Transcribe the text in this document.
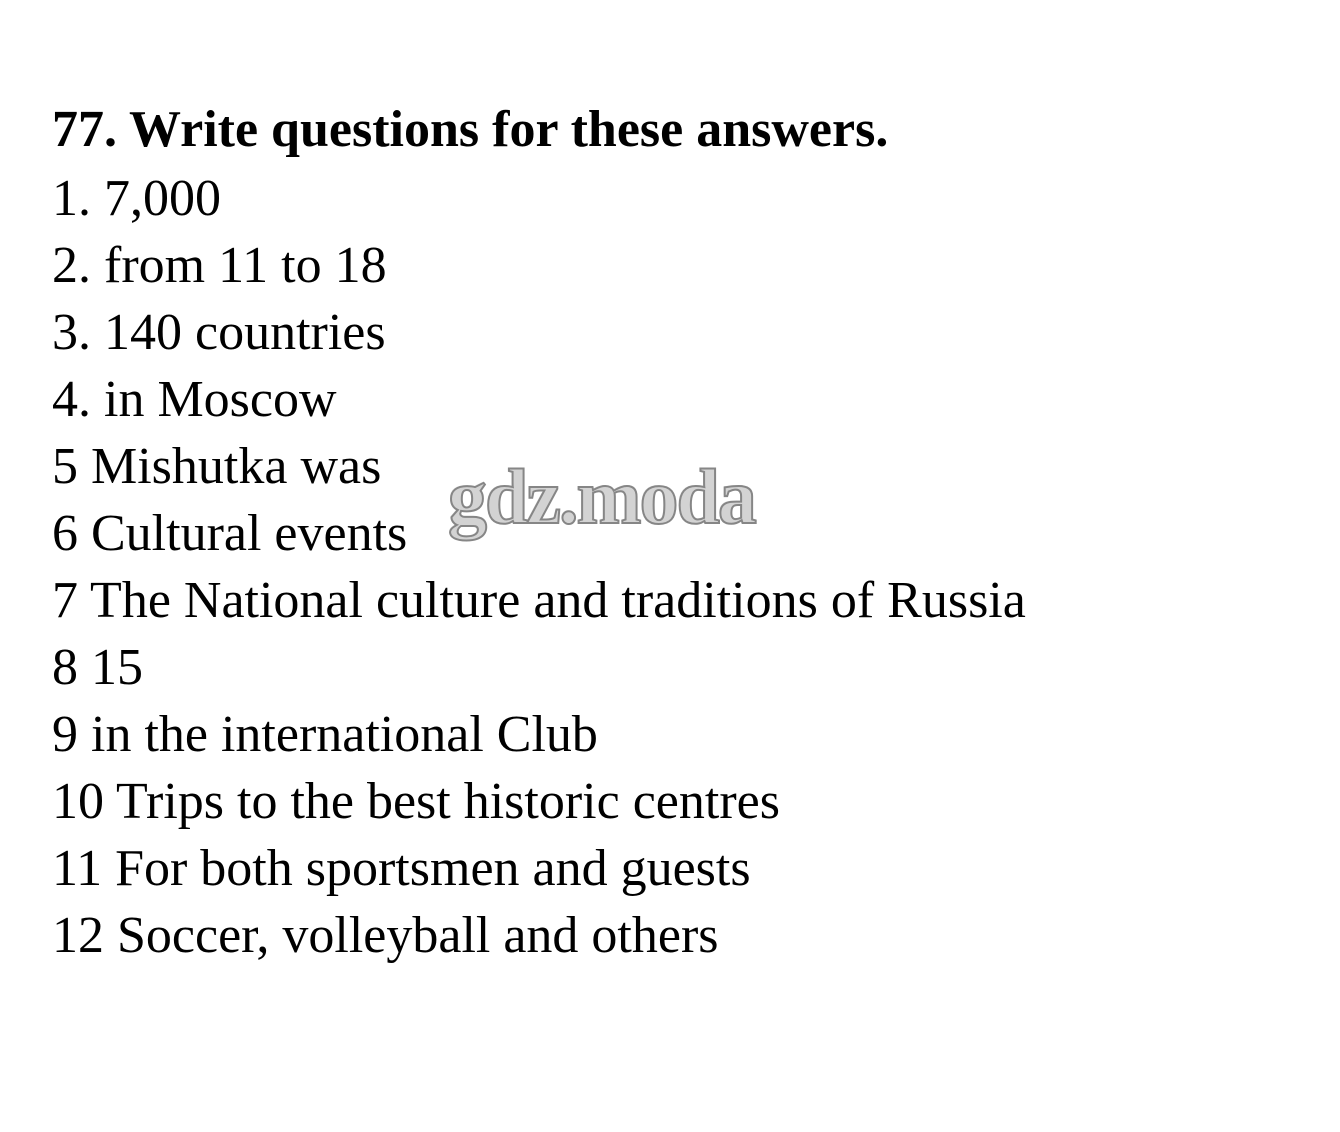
77. Write questions for these answers.
1. 7,000
2. from 11 to 18
3. 140 countries
4. in Moscow
5 Mishutka was
6 Cultural events
7 The National culture and traditions of Russia
8 15
9 in the international Club
10 Trips to the best historic centres
11 For both sportsmen and guests
12 Soccer, volleyball and others
gdz.moda
